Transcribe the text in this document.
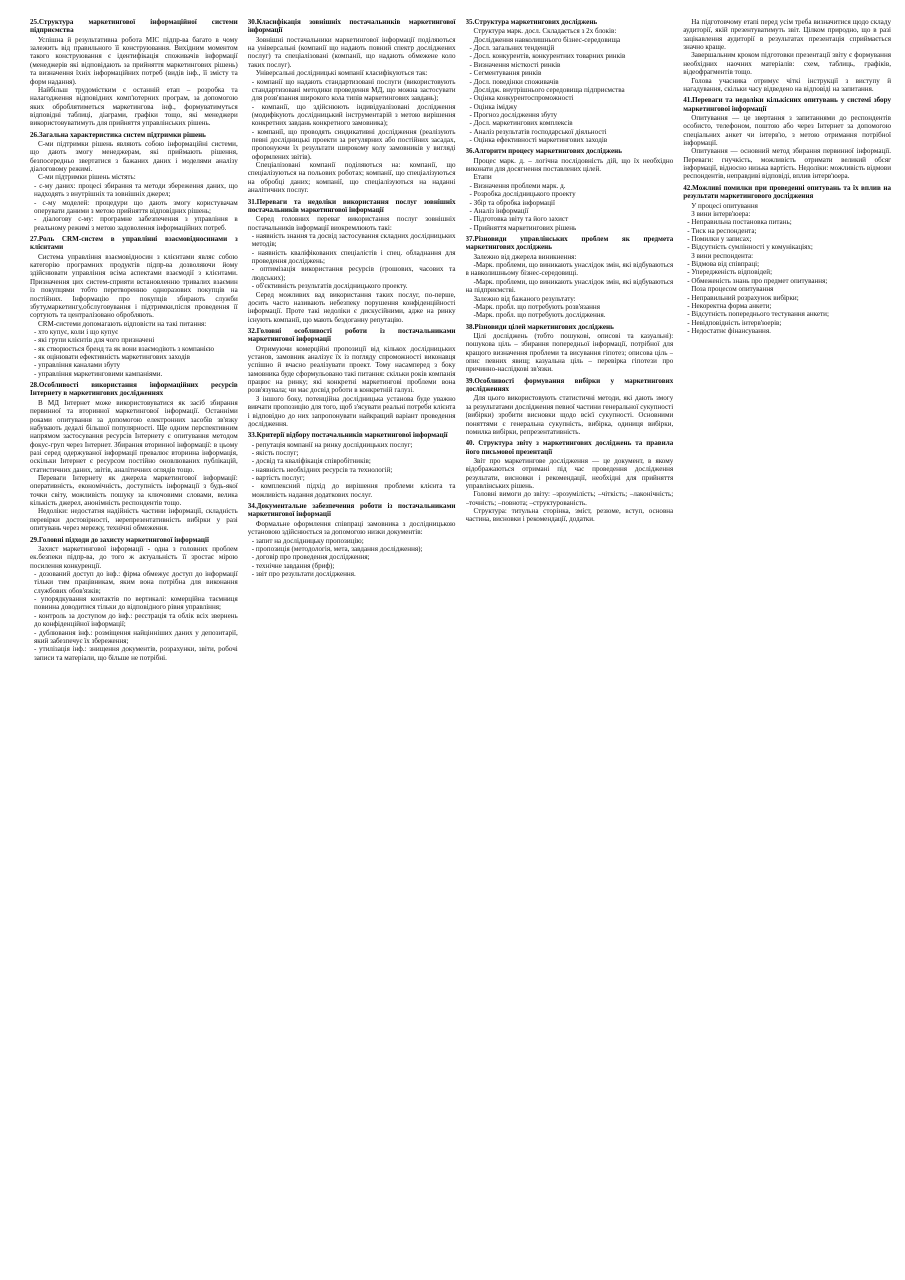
25.Структура маркетингової інформаційної системи підприємства

Успішна й результативна робота МІС підпр-ва багато в чому залежить від правильного її конструювання. Вихідним моментом такого конструювання є ідентифікація споживачів інформації (менеджерів які відповідають за прийняття маркетингових рішень) та визначення їхніх інформаційних потреб (видів інф., її змісту та форм надання).

Найбільш трудомістким є останній етап – розробка та налагодження відповідних комп'ютерних програм, за допомогою яких оброблятиметься маркетингова інф., формуватимуться відповідні таблиці, діаграми, графіки тощо, які менеджери використовуватимуть для прийняття управлінських рішень.

26.Загальна характеристика систем підтримки рішень

С-ми підтримки рішень являють собою інформаційні системи, що дають змогу менеджерам, які приймають рішення, безпосередньо звертатися з бажаних даних і моделями аналізу діалоговому режимі.

С-ми підтримки рішень містять:

- с-му даних: процесі збирання та методи збереження даних, що надходять з внутрішніх та зовнішніх джерел;

- с-му моделей: процедури що дають змогу користувачам оперувати даними з метою прийняття відповідних рішень;

- діалогову с-му: програмне забезпечення з управління в реальному режимі з метою задоволення інформаційних потреб.

27.Роль CRM-систем в управлінні взаємовідносинами з клієнтами

Система управління взаємовідносин з клієнтами являє собою категорію програмних продуктів підпр-ва дозволяючи йому здійснювати управління всіма аспектами взаємодії з клієнтами. Призначення цих систем-сприяти встановленню тривалих взаємин із покупцями тобто перетворенню одноразових покупців на постійних. Інформацію про покупців збирають служби збуту,маркетингу,обслуговування і підтримки,після проведення її сортують та централізовано обробляють.

CRM-системи допомагають відповісти на такі питання:

- хто купує, коли і що купує

- які групи клієнтів для чого призначені

- як створюється бренд та як вони взаємодіють з компанією

- як оцінювати ефективність маркетингових заходів

- управління каналами збуту

- управління маркетинговими кампаніями.

28.Особливості використання інформаційних ресурсів Інтернету в маркетингових дослідженнях

В МД Інтернет може використовуватися як засіб збирання первинної та вторинної маркетингової інформації. Останніми роками опитування за допомогою електронних засобів зв'язку набувають дедалі більшої популярності. Ще одним перспективним напрямом застосування ресурсів Інтернету є опитування методом фокус-груп через Інтернет. Збирання вторинної інформації: в цьому разі серед одержуваної інформації превалює вторинна інформація, оскільки Інтернет є ресурсом постійно оновлюваних публікацій, статистичних даних, звітів, аналітичних оглядів тощо.

Переваги Інтернету як джерела маркетингової інформації: оперативність, економічність, доступність інформації з будь-якої точки світу, можливість пошуку за ключовими словами, велика кількість джерел, анонімність респондентів тощо.

Недоліки: недостатня надійність частини інформації, складність перевірки достовірності, нерепрезентативність вибірки у разі опитувань через мережу, технічні обмеження.

29.Головні підходи до захисту маркетингової інформації

Захист маркетингової інформації - одна з головних проблем ек.безпеки підпр-ва, до того ж актуальність її зростає мірою посилення конкуренції.

- дозований доступ до інф.: фірма обмежує доступ до інформації тільки тим працівникам, яким вона потрібна для виконання службових обов'язків;

- упорядкування контактів по вертикалі: комерційна таємниця повинна доводитися тільки до відповідного рівня управління;

- контроль за доступом до інф.: реєстрація та облік всіх звернень до конфіденційної інформації;

- дублювання інф.: розміщення найцінніших даних у депозитарії, який забезпечує їх збереження;

- утилізація інф.: знищення документів, розрахунки, звіти, робочі записи та матеріали, що більше не потрібні.

30.Класифікація зовнішніх постачальників маркетингової інформації

Зовнішні постачальники маркетингової інформації поділяються на універсальні (компанії що надають повний спектр досліджених послуг) та спеціалізовані (компанії, що надають обмежене коло таких послуг).

Універсальні дослідницькі компанії класифікуються так:

- компанії що надають стандартизовані послуги (використовують стандартизовані методики проведення МД, що можна застосувати для розв'язання широкого кола типів маркетингових завдань);

- компанії, що здійснюють індивідуалізовані дослідження (модифікують дослідницький інструментарій з метою вирішення конкретних завдань конкретного замовника);

- компанії, що проводять синдикативні дослідження (реалізують певні дослідницькі проекти за регулярних або постійних засадах, пропонуючи їх результати широкому колу замовників у вигляді оформлених звітів).

Спеціалізовані компанії поділяються на: компанії, що спеціалізуються на польових роботах; компанії, що спеціалізуються на обробці даних; компанії, що спеціалізуються на наданні аналітичних послуг.

31.Переваги та недоліки використання послуг зовнішніх постачальників маркетингової інформації

Серед головних переваг використання послуг зовнішніх постачальників інформації виокремлюють такі:

- наявність знання та досвід застосування складних дослідницьких методів;

- наявність кваліфікованих спеціалістів і спец. обладнання для проведення досліджень;

- оптимізація використання ресурсів (грошових, часових та людських);

- об'єктивність результатів дослідницького проекту.

Серед можливих вад використання таких послуг, по-перше, досить часто називають небезпеку порушення конфіденційності інформації. Проте такі недоліки є дискусійними, адже на ринку існують компанії, що мають бездоганну репутацію.

32.Головні особливості роботи із постачальниками маркетингової інформації

Отримуючи комерційні пропозиції від кількох дослідницьких установ, замовник аналізує їх із погляду спроможності виконавця успішно й вчасно реалізувати проект. Тому насамперед з боку замовника буде сформульовано такі питання: скільки років компанія працює на ринку; які конкретні маркетингові проблеми вона розв'язувала; чи має досвід роботи в конкретній галузі.

З іншого боку, потенційна дослідницька установа буде уважно вивчати пропозицію для того, щоб з'ясувати реальні потреби клієнта і відповідно до них запропонувати найкращий варіант проведення дослідження.

33.Критерії відбору постачальників маркетингової інформації

- репутація компанії на ринку дослідницьких послуг;

- якість послуг;

- досвід та кваліфікація співробітників;

- наявність необхідних ресурсів та технологій;

- вартість послуг;

- комплексний підхід до вирішення проблеми клієнта та можливість надання додаткових послуг.

34.Документальне забезпечення роботи із постачальниками маркетингової інформації

Формальне оформлення співпраці замовника з дослідницькою установою здійснюється за допомогою низки документів:

- запит на дослідницьку пропозицію;

- пропозиція (методологія, мета, завдання дослідження);

- договір про проведення дослідження;

- технічне завдання (бриф);

- звіт про результати дослідження.

35.Структура маркетингових досліджень

Структура марк. досл. Складається з 2х блоків:

Дослідження навколишнього бізнес-середовища

- Досл. загальних тенденцій

- Досл. конкурентів, конкурентних товарних ринків

- Визначення місткості ринків

- Сегментування ринків

- Досл. поведінки споживачів

Дослідж. внутрішнього середовища підприємства

- Оцінка конкурентоспроможності

- Оцінка іміджу

- Прогноз дослідження збуту

- Досл. маркетингових комплексів

- Аналіз результатів господарської діяльності

- Оцінка ефективності маркетингових заходів

36.Алгоритм процесу маркетингових досліджень

Процес марк. д. – логічна послідовність дій, що їх необхідно виконати для досягнення поставлених цілей.

Етапи

- Визначення проблеми марк. д.

- Розробка дослідницького проекту

- Збір та обробка інформації

- Аналіз інформації

- Підготовка звіту та його захист

- Прийняття маркетингових рішень

37.Різновиди управлінських проблем як предмета маркетингових досліджень

Залежно від джерела виникнення:

-Марк. проблеми, що виникають унаслідок змін, які відбуваються в навколишньому бізнес-середовищі.

-Марк. проблеми, що виникають унаслідок змін, які відбуваються на підприємстві.

Залежно від бажаного результату:

-Марк. пробл. що потребують розв'язання

-Марк. пробл. що потребують дослідження.

38.Різновиди цілей маркетингових досліджень

Цілі досліджень (тобто пошукові, описові та казуальні): пошукова ціль – збирання попередньої інформації, потрібної для кращого визначення проблеми та висування гіпотез; описова ціль – опис певних явищ; казуальна ціль – перевірка гіпотези про причинно-наслідкові зв'язки.

39.Особливості формування вибірки у маркетингових дослідженнях

Для цього використовують статистичні методи, які дають змогу за результатами дослідження певної частини генеральної сукупності (вибірки) зробити висновки щодо всієї сукупності. Основними поняттями є генеральна сукупність, вибірка, одиниця вибірки, помилка вибірки, репрезентативність.

40. Структура звіту з маркетингових досліджень та правила його письмової презентації

Звіт про маркетингове дослідження — це документ, в якому відображаються отримані під час проведення дослідження результати, висновки і рекомендації, необхідні для прийняття управлінських рішень.

Головні вимоги до звіту: –зрозумілість; –чіткість; –лаконічність; –точність; –повнота; –структурованість.

Структура: титульна сторінка, зміст, резюме, вступ, основна частина, висновки і рекомендації, додатки.

На підготовчому етапі перед усім треба визначитися щодо складу аудиторії, якій презентуватимуть звіт. Цілком природно, що в разі зацікавлення аудиторії в результатах презентація сприймається значно краще.

Завершальним кроком підготовки презентації звіту є формування необхідних наочних матеріалів: схем, таблиць, графіків, відеофрагментів тощо.

Голова учасника отримує чіткі інструкції з виступу й нагадування, скільки часу відведено на відповіді на запитання.

41.Переваги та недоліки кількісних опитувань у системі збору маркетингової інформації

Опитування — це звертання з запитаннями до респондентів особисто, телефоном, поштою або через Інтернет за допомогою спеціальних анкет чи інтерв'ю, з метою отримання потрібної інформації.

Опитування — основний метод збирання первинної інформації. Переваги: гнучкість, можливість отримати великий обсяг інформації, відносно низька вартість. Недоліки: можливість відмови респондентів, неправдиві відповіді, вплив інтерв'юера.

42.Можливі помилки при проведенні опитувань та їх вплив на результати маркетингового дослідження

У процесі опитування

З вини інтерв'юера:

- Неправильна постановка питань;

- Тиск на респондента;

- Помилки у записах;

- Відсутність сумлінності у комунікаціях;

З вини респондента:

- Відмова від співпраці;

- Упередженість відповідей;

- Обмеженість знань про предмет опитування;

Поза процесом опитування

- Неправильний розрахунок вибірки;

- Некоректна форма анкети;

- Відсутність попереднього тестування анкети;

- Невідповідність інтерв'юерів;

- Недостатнє фінансування.
